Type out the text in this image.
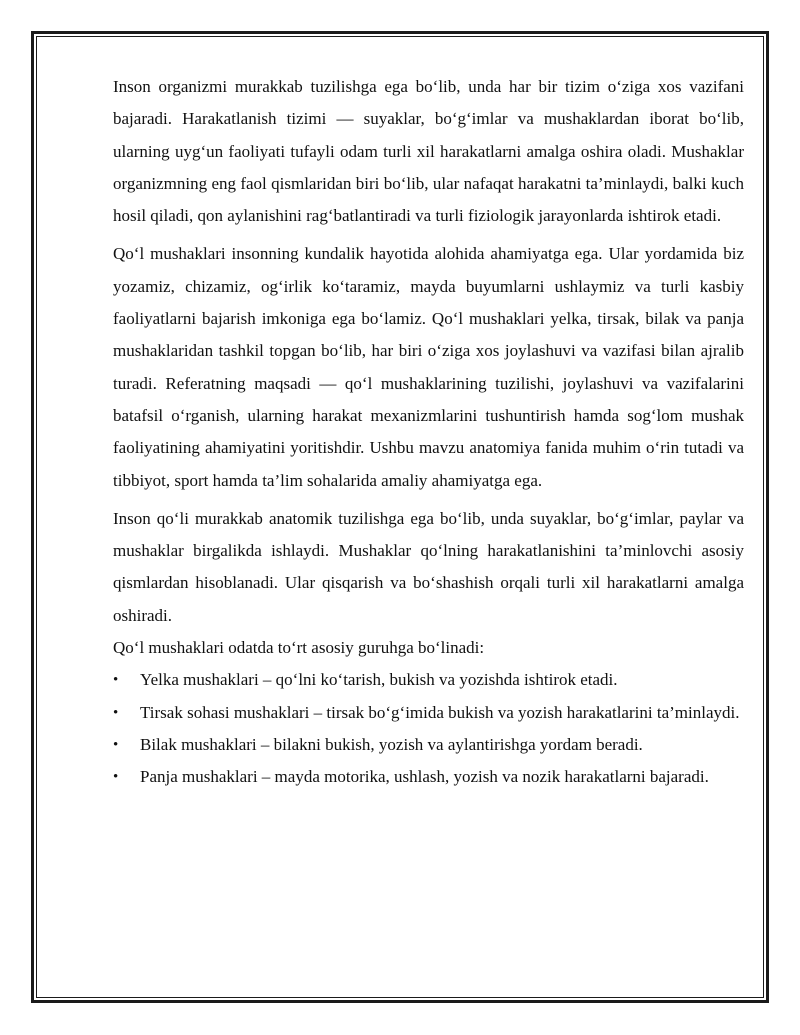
Inson organizmi murakkab tuzilishga ega bo‘lib, unda har bir tizim o‘ziga xos vazifani bajaradi. Harakatlanish tizimi — suyaklar, bo‘g‘imlar va mushaklardan iborat bo‘lib, ularning uyg‘un faoliyati tufayli odam turli xil harakatlarni amalga oshira oladi. Mushaklar organizmning eng faol qismlaridan biri bo‘lib, ular nafaqat harakatni ta’minlaydi, balki kuch hosil qiladi, qon aylanishini rag‘batlantiradi va turli fiziologik jarayonlarda ishtirok etadi.

Qo‘l mushaklari insonning kundalik hayotida alohida ahamiyatga ega. Ular yordamida biz yozamiz, chizamiz, og‘irlik ko‘taramiz, mayda buyumlarni ushlaymiz va turli kasbiy faoliyatlarni bajarish imkoniga ega bo‘lamiz. Qo‘l mushaklari yelka, tirsak, bilak va panja mushaklaridan tashkil topgan bo‘lib, har biri o‘ziga xos joylashuvi va vazifasi bilan ajralib turadi. Referatning maqsadi — qo‘l mushaklarining tuzilishi, joylashuvi va vazifalarini batafsil o‘rganish, ularning harakat mexanizmlarini tushuntirish hamda sog‘lom mushak faoliyatining ahamiyatini yoritishdir. Ushbu mavzu anatomiya fanida muhim o‘rin tutadi va tibbiyot, sport hamda ta’lim sohalarida amaliy ahamiyatga ega.

Inson qo‘li murakkab anatomik tuzilishga ega bo‘lib, unda suyaklar, bo‘g‘imlar, paylar va mushaklar birgalikda ishlaydi. Mushaklar qo‘lning harakatlanishini ta’minlovchi asosiy qismlardan hisoblanadi. Ular qisqarish va bo‘shashish orqali turli xil harakatlarni amalga oshiradi.

Qo‘l mushaklari odatda to‘rt asosiy guruhga bo‘linadi:

• Yelka mushaklari – qo‘lni ko‘tarish, bukish va yozishda ishtirok etadi.
• Tirsak sohasi mushaklari – tirsak bo‘g‘imida bukish va yozish harakatlarini ta’minlaydi.
• Bilak mushaklari – bilakni bukish, yozish va aylantirishga yordam beradi.
• Panja mushaklari – mayda motorika, ushlash, yozish va nozik harakatlarni bajaradi.
